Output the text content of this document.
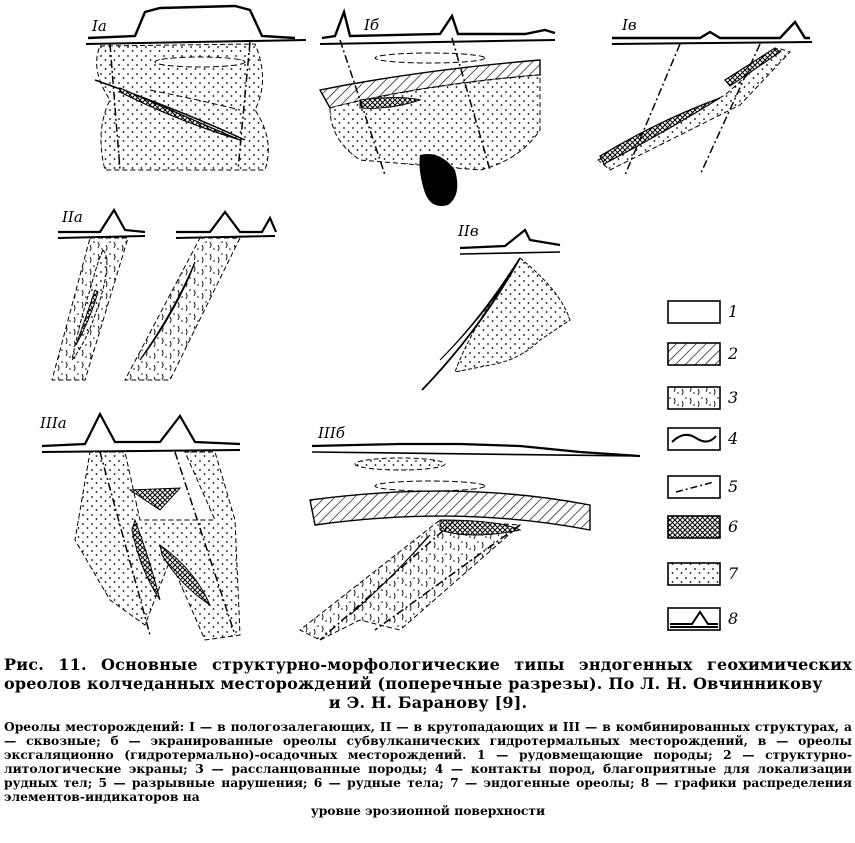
Iа	Iб	Iв
IIа
IIв
IIIа
IIIб
1
2
3
4
5
6
7
8

Рис. 11. Основные структурно-морфологические типы эндогенных геохимических ореолов колчеданных месторождений (поперечные разрезы). По Л. Н. Овчинникову
и Э. Н. Баранову [9].

Ореолы месторождений: I — в пологозалегающих, II — в крутопадающих и III — в комбинированных структурах, а — сквозные; б — экранированные ореолы субвулканических гидротермальных месторождений, в — ореолы эксгаляционно (гидротермально)-осадочных месторождений. 1 — рудовмещающие породы; 2 — структурно-литологические экраны; 3 — рассланцованные породы; 4 — контакты пород, благоприятные для локализации рудных тел; 5 — разрывные нарушения; 6 — рудные тела; 7 — эндогенные ореолы; 8 — графики распределения элементов-индикаторов на
уровне эрозионной поверхности
